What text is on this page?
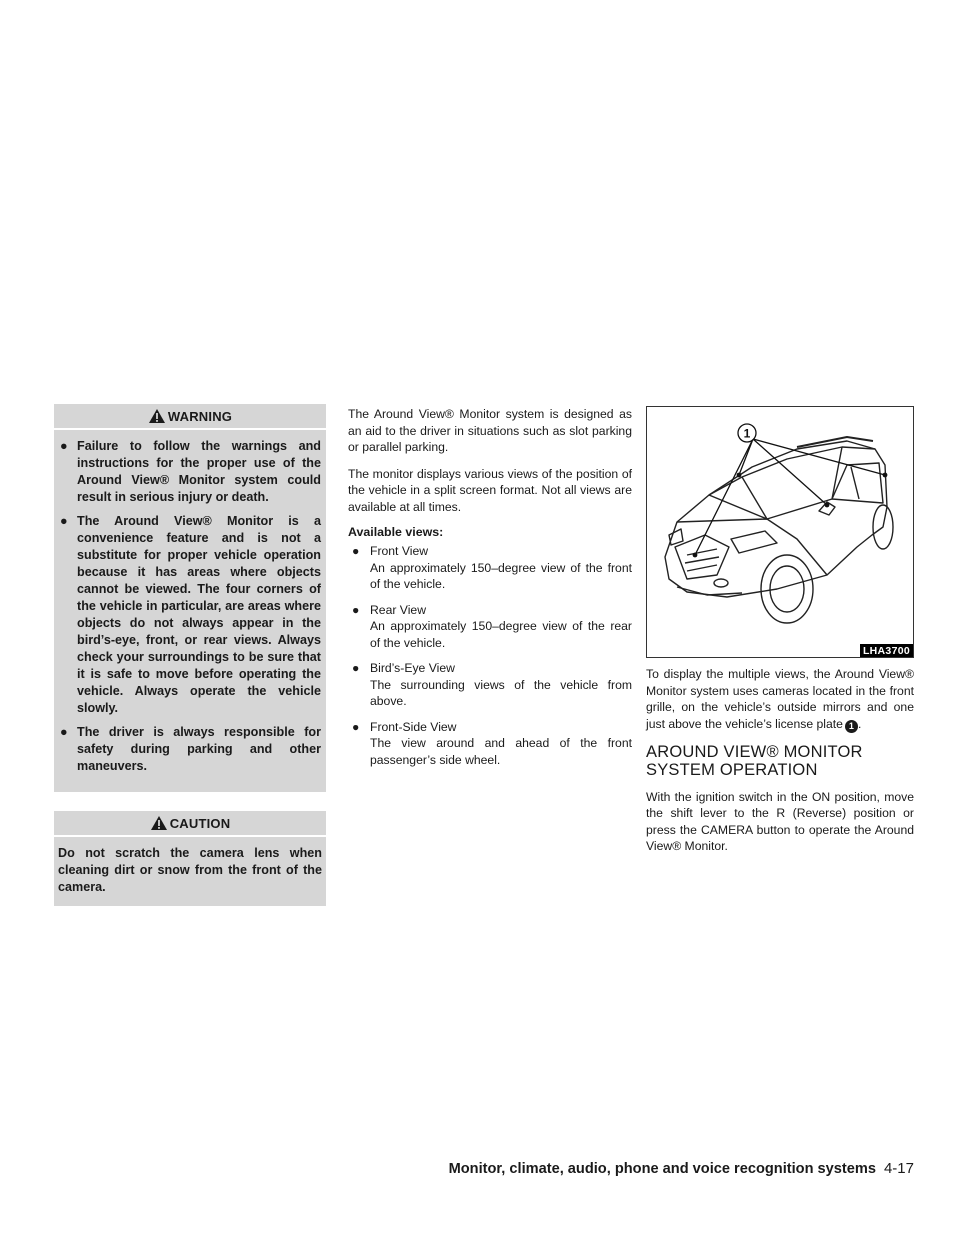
WARNING
● Failure to follow the warnings and instructions for the proper use of the Around View® Monitor system could result in serious injury or death.
● The Around View® Monitor is a convenience feature and is not a substitute for proper vehicle operation because it has areas where objects cannot be viewed. The four corners of the vehicle in particular, are areas where objects do not always appear in the bird’s-eye, front, or rear views. Always check your surroundings to be sure that it is safe to move before operating the vehicle. Always operate the vehicle slowly.
● The driver is always responsible for safety during parking and other maneuvers.
CAUTION
Do not scratch the camera lens when cleaning dirt or snow from the front of the camera.

The Around View® Monitor system is designed as an aid to the driver in situations such as slot parking or parallel parking.

The monitor displays various views of the position of the vehicle in a split screen format. Not all views are available at all times.

Available views:
● Front View
An approximately 150–degree view of the front of the vehicle.
● Rear View
An approximately 150–degree view of the rear of the vehicle.
● Bird’s-Eye View
The surrounding views of the vehicle from above.
● Front-Side View
The view around and ahead of the front passenger’s side wheel.
1
LHA3700

To display the multiple views, the Around View® Monitor system uses cameras located in the front grille, on the vehicle’s outside mirrors and one just above the vehicle’s license plate 1 .

AROUND VIEW® MONITOR SYSTEM OPERATION

With the ignition switch in the ON position, move the shift lever to the R (Reverse) position or press the CAMERA button to operate the Around View® Monitor.

Monitor, climate, audio, phone and voice recognition systems 4-17
